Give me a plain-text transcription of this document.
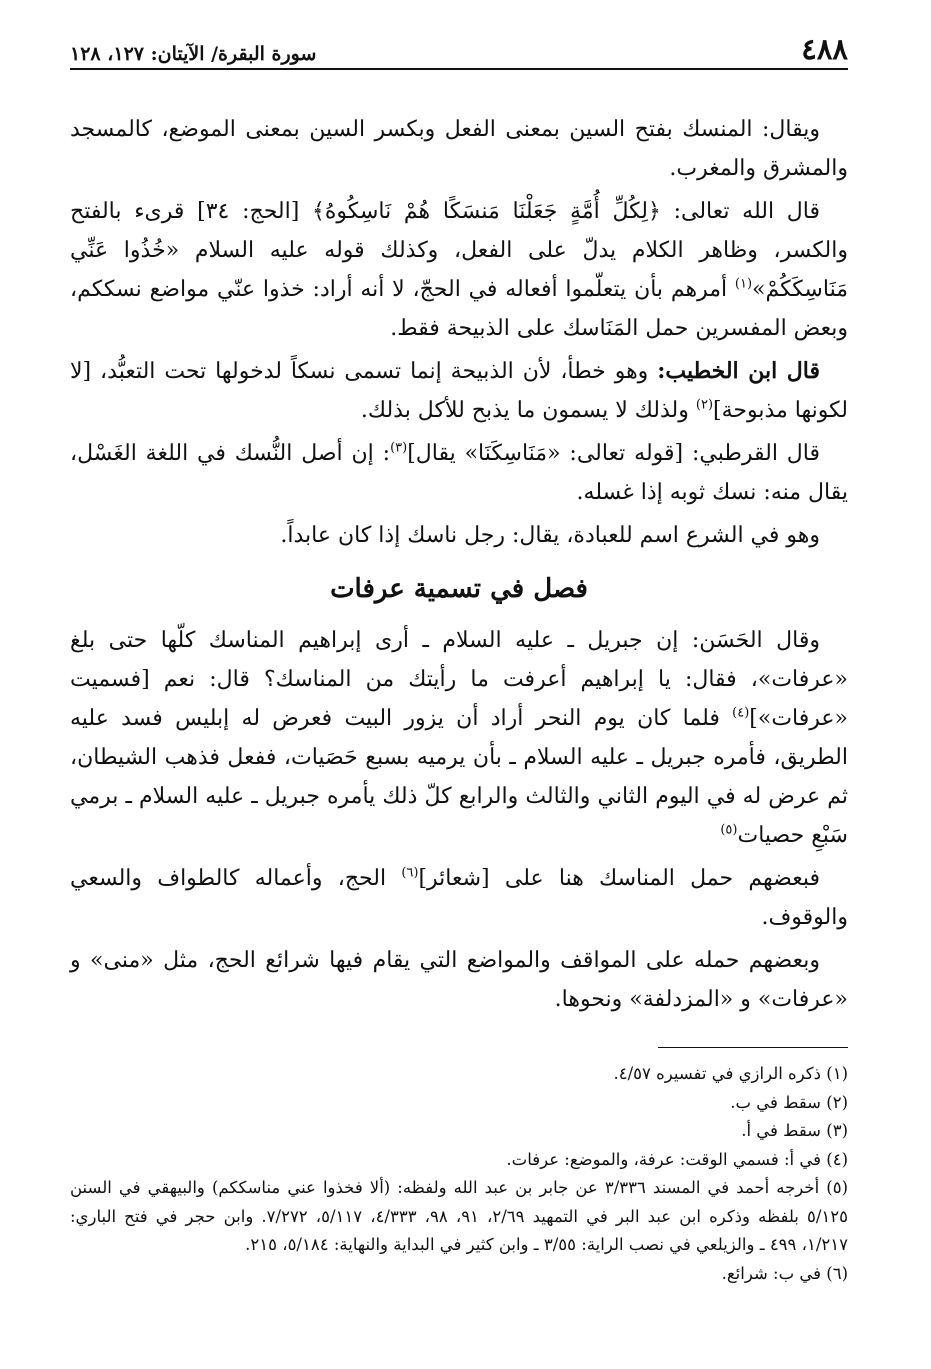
٤٨٨
سورة البقرة/ الآيتان: ١٢٧، ١٢٨

ويقال: المنسك بفتح السين بمعنى الفعل وبكسر السين بمعنى الموضع، كالمسجد والمشرق والمغرب.

قال الله تعالى: ﴿لِكُلِّ أُمَّةٍ جَعَلْنَا مَنسَكًا هُمْ نَاسِكُوهُ﴾ [الحج: ٣٤] قرىء بالفتح والكسر، وظاهر الكلام يدلّ على الفعل، وكذلك قوله عليه السلام «خُذُوا عَنِّي مَنَاسِكَكُمْ»$^{(١)}$ أمرهم بأن يتعلّموا أفعاله في الحجّ، لا أنه أراد: خذوا عنّي مواضع نسككم، وبعض المفسرين حمل المَنَاسك على الذبيحة فقط.

قال ابن الخطيب: وهو خطأ، لأن الذبيحة إنما تسمى نسكاً لدخولها تحت التعبُّد، [لا لكونها مذبوحة]$^{(٢)}$ ولذلك لا يسمون ما يذبح للأكل بذلك.

قال القرطبي: [قوله تعالى: «مَنَاسِكَنَا» يقال]$^{(٣)}$: إن أصل النُّسك في اللغة الغَسْل، يقال منه: نسك ثوبه إذا غسله.

وهو في الشرع اسم للعبادة، يقال: رجل ناسك إذا كان عابداً.

فصل في تسمية عرفات

وقال الحَسَن: إن جبريل ـ عليه السلام ـ أرى إبراهيم المناسك كلّها حتى بلغ «عرفات»، فقال: يا إبراهيم أعرفت ما رأيتك من المناسك؟ قال: نعم [فسميت «عرفات»]$^{(٤)}$ فلما كان يوم النحر أراد أن يزور البيت فعرض له إبليس فسد عليه الطريق، فأمره جبريل ـ عليه السلام ـ بأن يرميه بسبع حَصَيات، ففعل فذهب الشيطان، ثم عرض له في اليوم الثاني والثالث والرابع كلّ ذلك يأمره جبريل ـ عليه السلام ـ برمي سَبْعِ حصيات$^{(٥)}$

فبعضهم حمل المناسك هنا على [شعائر]$^{(٦)}$ الحج، وأعماله كالطواف والسعي والوقوف.

وبعضهم حمله على المواقف والمواضع التي يقام فيها شرائع الحج، مثل «منى» و «عرفات» و «المزدلفة» ونحوها.

(١) ذكره الرازي في تفسيره ٤/٥٧.

(٢) سقط في ب.

(٣) سقط في أ.

(٤) في أ: فسمي الوقت: عرفة، والموضع: عرفات.

(٥) أخرجه أحمد في المسند ٣/٣٣٦ عن جابر بن عبد الله ولفظه: (ألا فخذوا عني مناسككم) والبيهقي في السنن ٥/١٢٥ بلفظه وذكره ابن عبد البر في التمهيد ٢/٦٩، ٩١، ٩٨، ٤/٣٣٣، ٥/١١٧، ٧/٢٧٢. وابن حجر في فتح الباري: ١/٢١٧، ٤٩٩ ـ والزيلعي في نصب الراية: ٣/٥٥ ـ وابن كثير في البداية والنهاية: ٥/١٨٤، ٢١٥.

(٦) في ب: شرائع.
